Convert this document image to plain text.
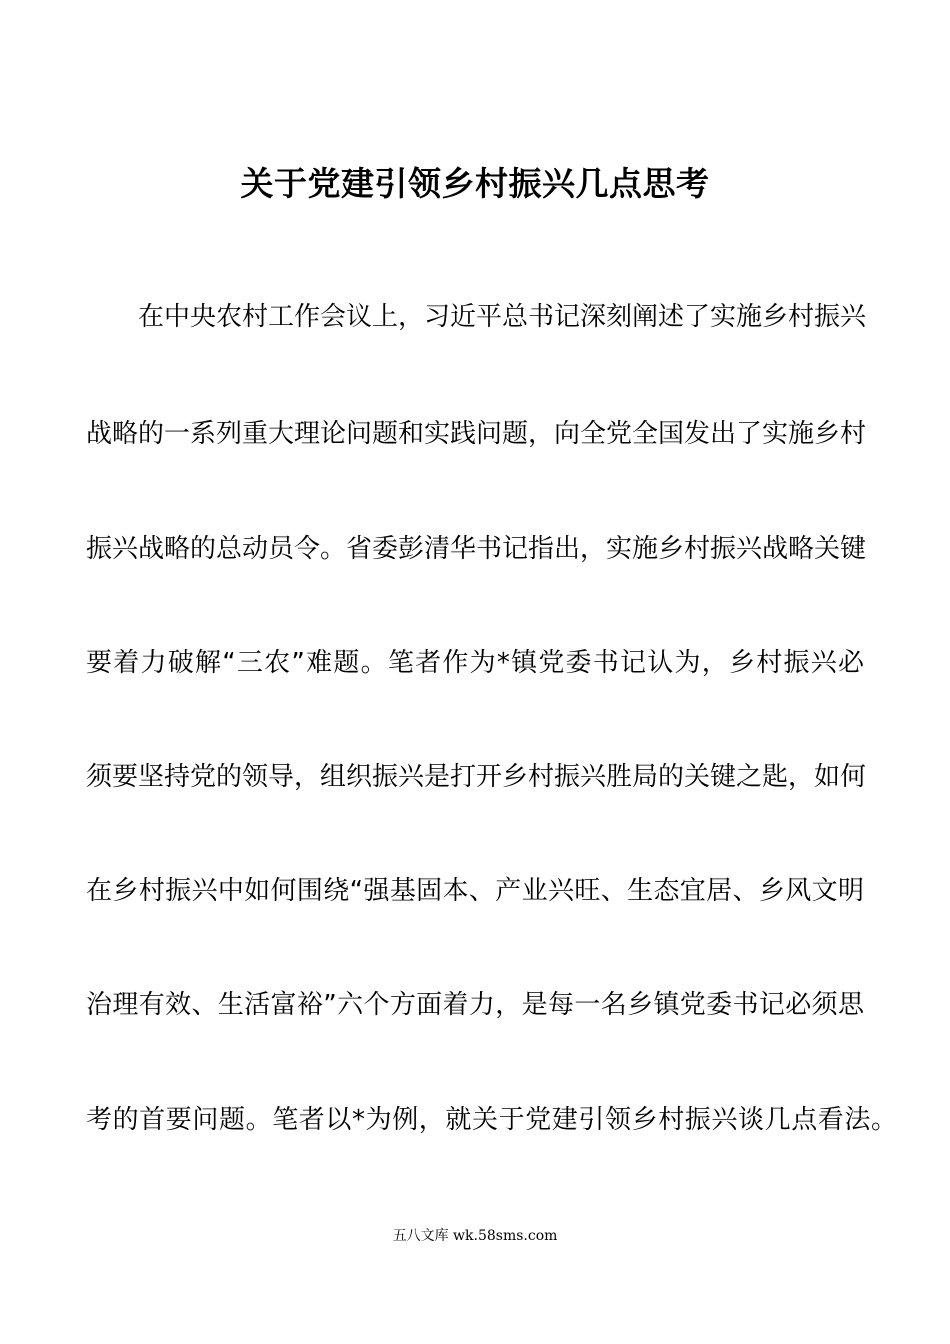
关于党建引领乡村振兴几点思考
在中央农村工作会议上，习近平总书记深刻阐述了实施乡村振兴
战略的一系列重大理论问题和实践问题，向全党全国发出了实施乡村
振兴战略的总动员令。省委彭清华书记指出，实施乡村振兴战略关键
要着力破解“三农”难题。笔者作为*镇党委书记认为，乡村振兴必
须要坚持党的领导，组织振兴是打开乡村振兴胜局的关键之匙，如何
在乡村振兴中如何围绕“强基固本、产业兴旺、生态宜居、乡风文明
治理有效、生活富裕”六个方面着力，是每一名乡镇党委书记必须思
考的首要问题。笔者以*为例，就关于党建引领乡村振兴谈几点看法。
五八文库 wk.58sms.com
